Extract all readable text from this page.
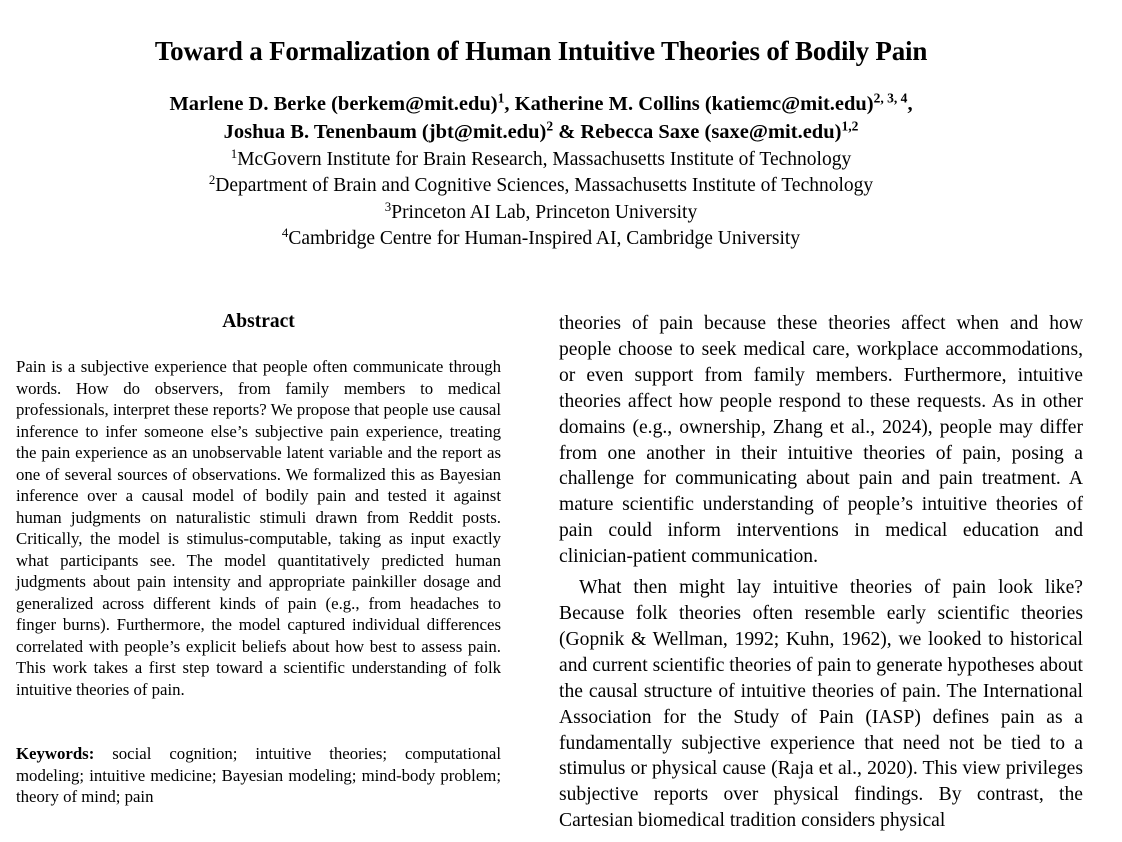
Toward a Formalization of Human Intuitive Theories of Bodily Pain
Marlene D. Berke (berkem@mit.edu)$^1$, Katherine M. Collins (katiemc@mit.edu)$^{2, 3, 4}$,
Joshua B. Tenenbaum (jbt@mit.edu)$^2$ & Rebecca Saxe (saxe@mit.edu)$^{1,2}$
$^1$McGovern Institute for Brain Research, Massachusetts Institute of Technology
$^2$Department of Brain and Cognitive Sciences, Massachusetts Institute of Technology
$^3$Princeton AI Lab, Princeton University
$^4$Cambridge Centre for Human-Inspired AI, Cambridge University
Abstract
Pain is a subjective experience that people often communicate through words. How do observers, from family members to medical professionals, interpret these reports? We propose that people use causal inference to infer someone else’s subjective pain experience, treating the pain experience as an unobservable latent variable and the report as one of several sources of observations. We formalized this as Bayesian inference over a causal model of bodily pain and tested it against human judgments on naturalistic stimuli drawn from Reddit posts. Critically, the model is stimulus-computable, taking as input exactly what participants see. The model quantitatively predicted human judgments about pain intensity and appropriate painkiller dosage and generalized across different kinds of pain (e.g., from headaches to finger burns). Furthermore, the model captured individual differences correlated with people’s explicit beliefs about how best to assess pain. This work takes a first step toward a scientific understanding of folk intuitive theories of pain.
Keywords: social cognition; intuitive theories; computational modeling; intuitive medicine; Bayesian modeling; mind-body problem; theory of mind; pain

theories of pain because these theories affect when and how people choose to seek medical care, workplace accommodations, or even support from family members. Furthermore, intuitive theories affect how people respond to these requests. As in other domains (e.g., ownership, Zhang et al., 2024), people may differ from one another in their intuitive theories of pain, posing a challenge for communicating about pain and pain treatment. A mature scientific understanding of people’s intuitive theories of pain could inform interventions in medical education and clinician-patient communication.

What then might lay intuitive theories of pain look like? Because folk theories often resemble early scientific theories (Gopnik & Wellman, 1992; Kuhn, 1962), we looked to historical and current scientific theories of pain to generate hypotheses about the causal structure of intuitive theories of pain. The International Association for the Study of Pain (IASP) defines pain as a fundamentally subjective experience that need not be tied to a stimulus or physical cause (Raja et al., 2020). This view privileges subjective reports over physical findings. By contrast, the Cartesian biomedical tradition considers physical
